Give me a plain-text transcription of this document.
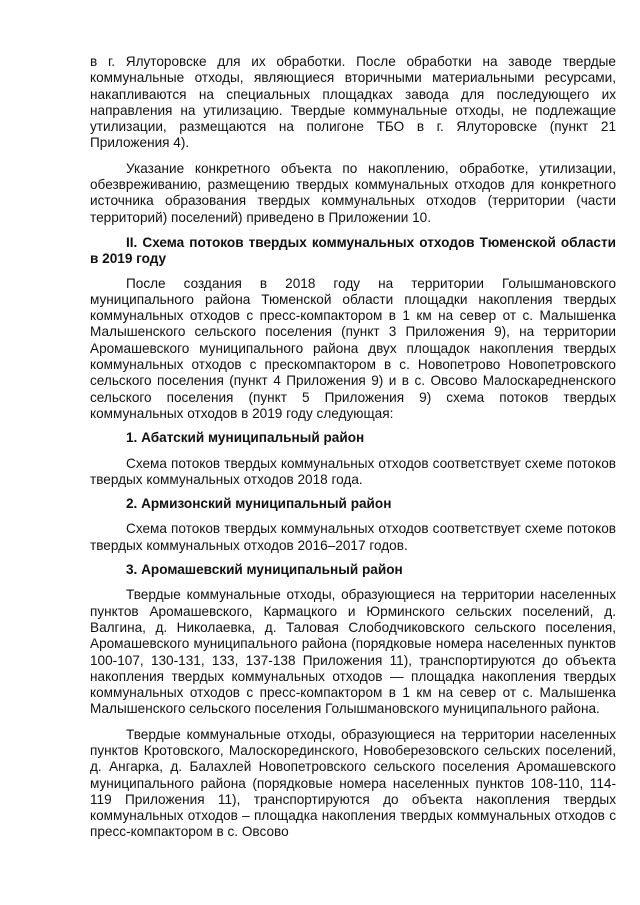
в г. Ялуторовске для их обработки. После обработки на заводе твердые коммунальные отходы, являющиеся вторичными материальными ресурсами, накапливаются на специальных площадках завода для последующего их направления на утилизацию. Твердые коммунальные отходы, не подлежащие утилизации, размещаются на полигоне ТБО в г. Ялуторовске (пункт 21 Приложения 4).

Указание конкретного объекта по накоплению, обработке, утилизации, обезвреживанию, размещению твердых коммунальных отходов для конкретного источника образования твердых коммунальных отходов (территории (части территорий) поселений) приведено в Приложении 10.

II. Схема потоков твердых коммунальных отходов Тюменской области в 2019 году

После создания в 2018 году на территории Голышмановского муниципального района Тюменской области площадки накопления твердых коммунальных отходов с пресс-компактором в 1 км на север от с. Малышенка Малышенского сельского поселения (пункт 3 Приложения 9), на территории Аромашевского муниципального района двух площадок накопления твердых коммунальных отходов с прескомпактором в с. Новопетрово Новопетровского сельского поселения (пункт 4 Приложения 9) и в с. Овсово Малоскаредненского сельского поселения (пункт 5 Приложения 9) схема потоков твердых коммунальных отходов в 2019 году следующая:

1. Абатский муниципальный район

Схема потоков твердых коммунальных отходов соответствует схеме потоков твердых коммунальных отходов 2018 года.

2. Армизонский муниципальный район

Схема потоков твердых коммунальных отходов соответствует схеме потоков твердых коммунальных отходов 2016–2017 годов.

3. Аромашевский муниципальный район

Твердые коммунальные отходы, образующиеся на территории населенных пунктов Аромашевского, Кармацкого и Юрминского сельских поселений, д. Валгина, д. Николаевка, д. Таловая Слободчиковского сельского поселения, Аромашевского муниципального района (порядковые номера населенных пунктов 100-107, 130-131, 133, 137-138 Приложения 11), транспортируются до объекта накопления твердых коммунальных отходов — площадка накопления твердых коммунальных отходов с пресс-компактором в 1 км на север от с. Малышенка Малышенского сельского поселения Голышмановского муниципального района.

Твердые коммунальные отходы, образующиеся на территории населенных пунктов Кротовского, Малоскорединского, Новоберезовского сельских поселений, д. Ангарка, д. Балахлей Новопетровского сельского поселения Аромашевского муниципального района (порядковые номера населенных пунктов 108-110, 114-119 Приложения 11), транспортируются до объекта накопления твердых коммунальных отходов – площадка накопления твердых коммунальных отходов с пресс-компактором в с. Овсово
